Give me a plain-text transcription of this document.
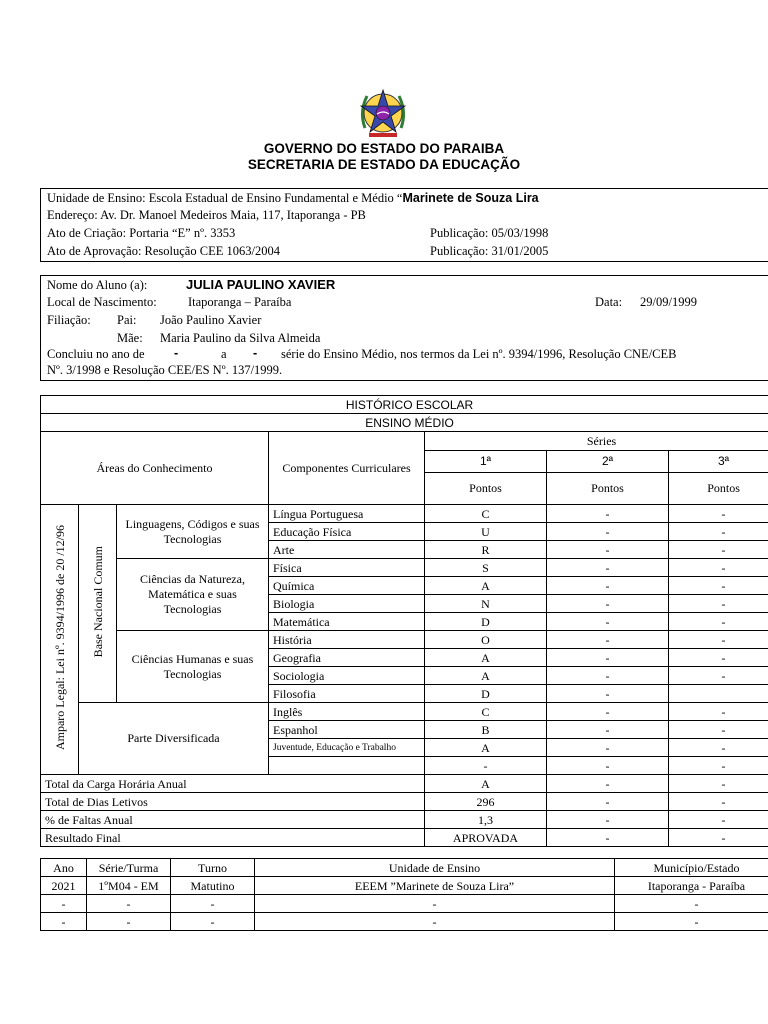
GOVERNO DO ESTADO DO PARAIBA
SECRETARIA DE ESTADO DA EDUCAÇÃO
Unidade de Ensino: Escola Estadual de Ensino Fundamental e Médio “Marinete de Souza Lira
Endereço: Av. Dr. Manoel Medeiros Maia, 117, Itaporanga - PB
Ato de Criação: Portaria “E” nº. 3353	Publicação: 05/03/1998
Ato de Aprovação: Resolução CEE 1063/2004	Publicação: 31/01/2005
Nome do Aluno (a):	JULIA PAULINO XAVIER
Local de Nascimento:	Itaporanga – Paraíba	Data: 29/09/1999
Filiação: Pai: João Paulino Xavier
Mãe: Maria Paulino da Silva Almeida
Concluiu no ano de -	a - série do Ensino Médio, nos termos da Lei nº. 9394/1996, Resolução CNE/CEB
Nº. 3/1998 e Resolução CEE/ES Nº. 137/1999.
HISTÓRICO ESCOLAR						
ENSINO MÉDIO						
Áreas do Conhecimento			Componentes Curriculares	Séries		
				1ª	2ª	3ª
				Pontos	Pontos	Pontos
Amparo Legal: Lei nº. 9394/1996 de 20 /12/96	Base Nacional Comum	Linguagens, Códigos e suas Tecnologias	Língua Portuguesa	C	-	-
			Educação Física	U	-	-
			Arte	R	-	-
		Ciências da Natureza, Matemática e suas Tecnologias	Física	S	-	-
			Química	A	-	-
			Biologia	N	-	-
			Matemática	D	-	-
		Ciências Humanas e suas Tecnologias	História	O	-	-
			Geografia	A	-	-
			Sociologia	A	-	-
			Filosofia	D	-	
	Parte Diversificada		Inglês	C	-	-
			Espanhol	B	-	-
			Juventude, Educação e Trabalho	A	-	-
				-	-	-
Total da Carga Horária Anual				A	-	-
Total de Dias Letivos				296	-	-
% de Faltas Anual				1,3	-	-
Resultado Final				APROVADA	-	-
Ano	Série/Turma	Turno	Unidade de Ensino	Município/Estado
2021	1ºM04 - EM	Matutino	EEEM ”Marinete de Souza Lira”	Itaporanga - Paraíba
-	-	-	-	-
-	-	-	-	-
